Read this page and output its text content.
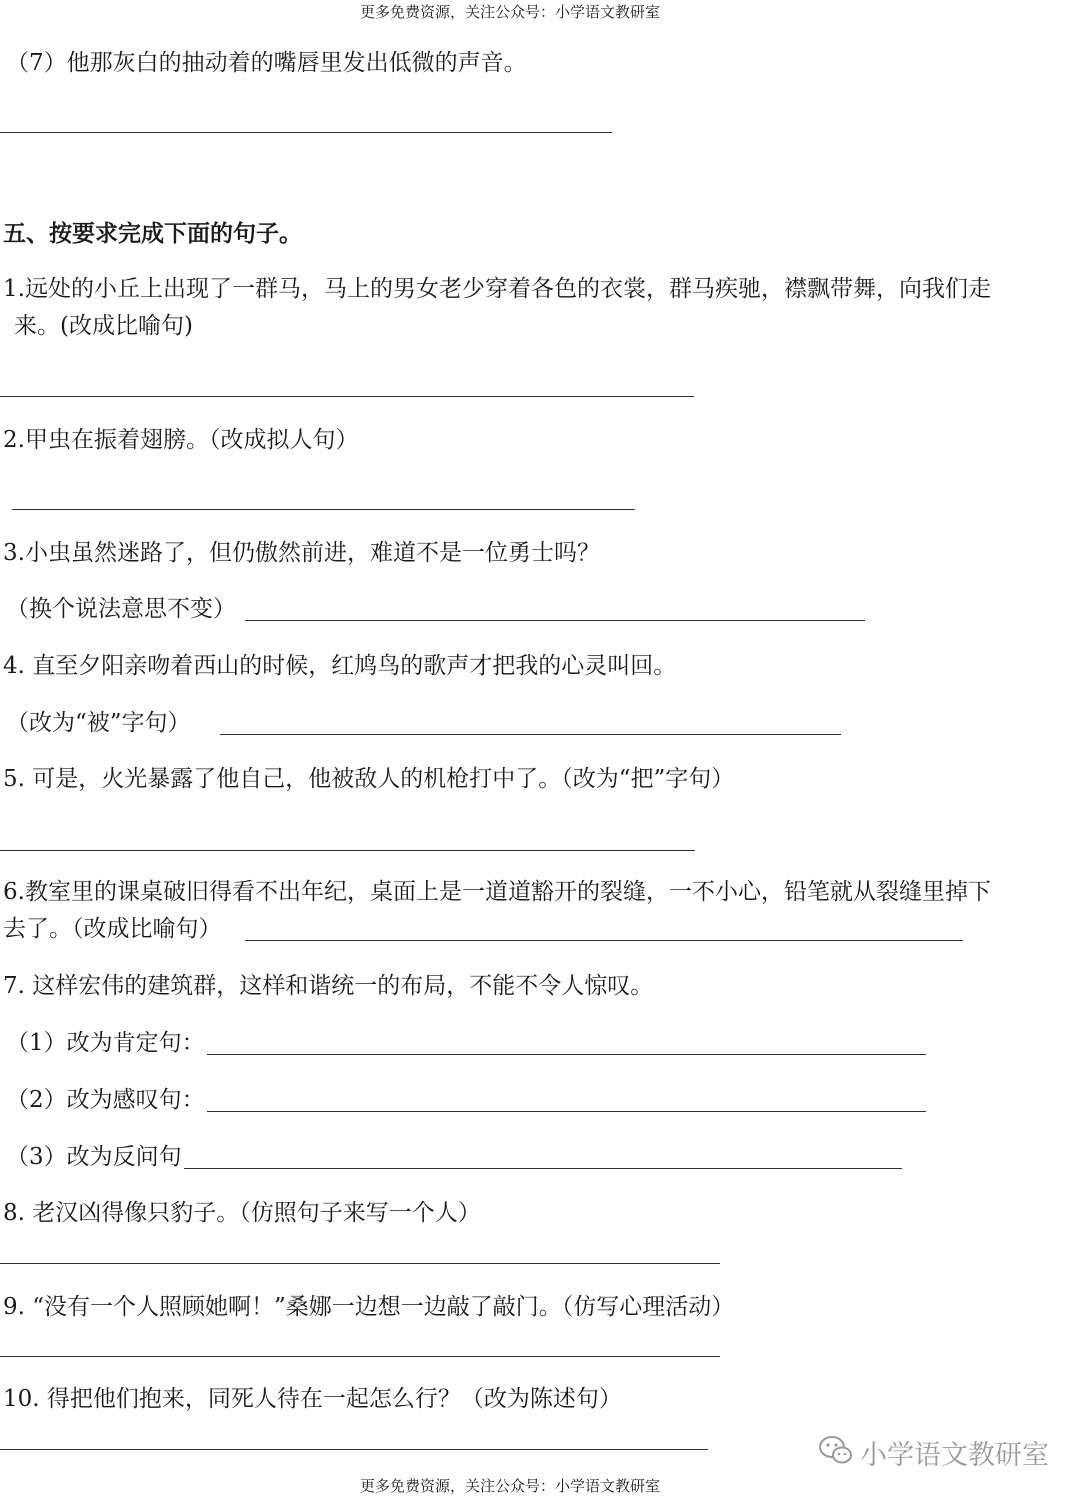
更多免费资源，关注公众号：小学语文教研室
（7）他那灰白的抽动着的嘴唇里发出低微的声音。
五、按要求完成下面的句子。
1.远处的小丘上出现了一群马，马上的男女老少穿着各色的衣裳，群马疾驰，襟飘带舞，向我们走
来。(改成比喻句)
2.甲虫在振着翅膀。（改成拟人句）
3.小虫虽然迷路了，但仍傲然前进，难道不是一位勇士吗？
（换个说法意思不变）
4. 直至夕阳亲吻着西山的时候，红鸠鸟的歌声才把我的心灵叫回。
（改为“被”字句）
5. 可是，火光暴露了他自己，他被敌人的机枪打中了。（改为“把”字句）
6.教室里的课桌破旧得看不出年纪，桌面上是一道道豁开的裂缝，一不小心，铅笔就从裂缝里掉下
去了。（改成比喻句）
7. 这样宏伟的建筑群，这样和谐统一的布局，不能不令人惊叹。
（1）改为肯定句：
（2）改为感叹句：
（3）改为反问句
8. 老汉凶得像只豹子。（仿照句子来写一个人）
9. “没有一个人照顾她啊！”桑娜一边想一边敲了敲门。（仿写心理活动）
10. 得把他们抱来，同死人待在一起怎么行？（改为陈述句）
小学语文教研室
更多免费资源，关注公众号：小学语文教研室
